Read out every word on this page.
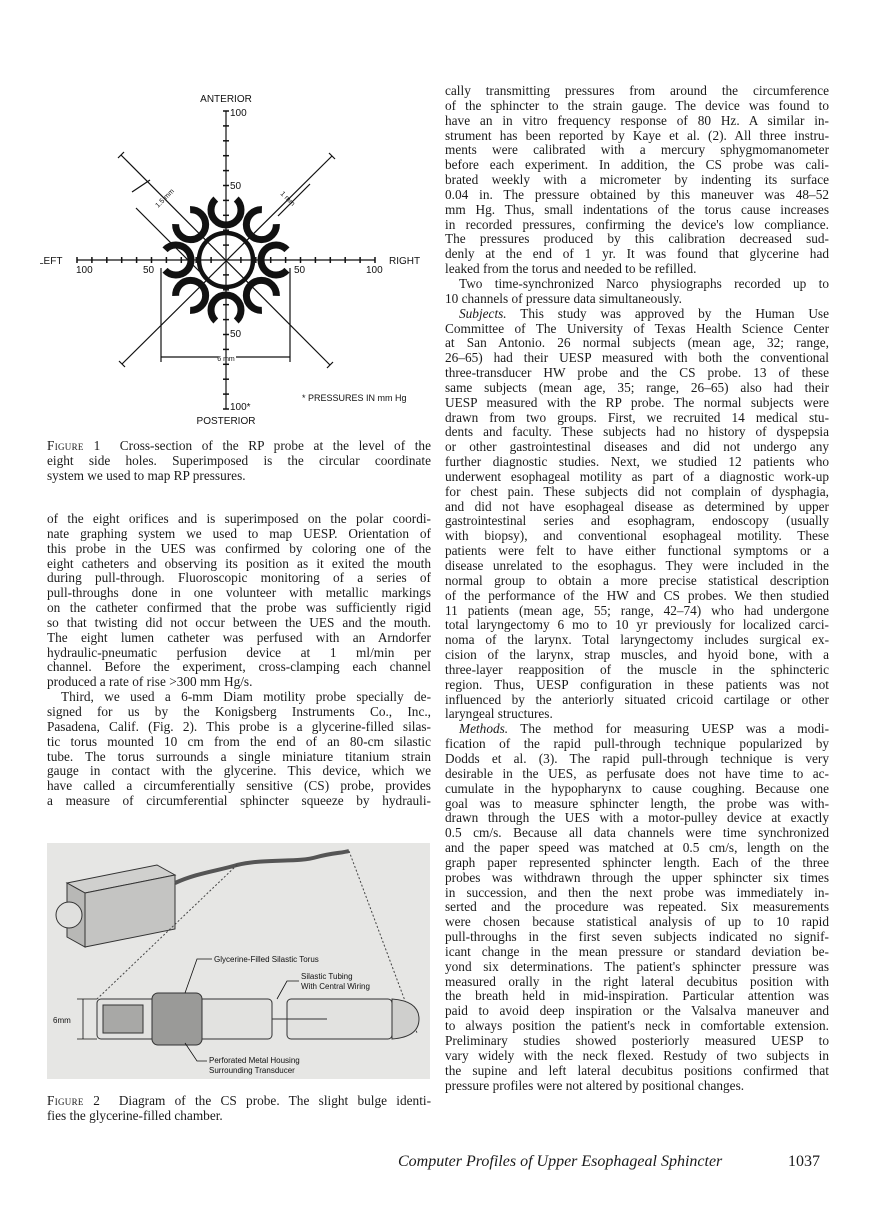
ANTERIOR
100
50
50
100*
POSTERIOR
LEFT
100	50	50	100
RIGHT
6 mm
1.5 mm	1 mm
* PRESSURES IN mm Hg
Figure 1 Cross-section of the RP probe at the level of the
eight side holes. Superimposed is the circular coordinate
system we used to map RP pressures.
of the eight orifices and is superimposed on the polar coordi-
nate graphing system we used to map UESP. Orientation of
this probe in the UES was confirmed by coloring one of the
eight catheters and observing its position as it exited the mouth
during pull-through. Fluoroscopic monitoring of a series of
pull-throughs done in one volunteer with metallic markings
on the catheter confirmed that the probe was sufficiently rigid
so that twisting did not occur between the UES and the mouth.
The eight lumen catheter was perfused with an Arndorfer
hydraulic-pneumatic perfusion device at 1 ml/min per
channel. Before the experiment, cross-clamping each channel
produced a rate of rise >300 mm Hg/s.
Third, we used a 6-mm Diam motility probe specially de-
signed for us by the Konigsberg Instruments Co., Inc.,
Pasadena, Calif. (Fig. 2). This probe is a glycerine-filled silas-
tic torus mounted 10 cm from the end of an 80-cm silastic
tube. The torus surrounds a single miniature titanium strain
gauge in contact with the glycerine. This device, which we
have called a circumferentially sensitive (CS) probe, provides
a measure of circumferential sphincter squeeze by hydrauli-
6mm
Glycerine-Filled Silastic Torus
Silastic Tubing
With Central Wiring
Perforated Metal Housing
Surrounding Transducer
Figure 2 Diagram of the CS probe. The slight bulge identi-
fies the glycerine-filled chamber.
cally transmitting pressures from around the circumference
of the sphincter to the strain gauge. The device was found to
have an in vitro frequency response of 80 Hz. A similar in-
strument has been reported by Kaye et al. (2). All three instru-
ments were calibrated with a mercury sphygmomanometer
before each experiment. In addition, the CS probe was cali-
brated weekly with a micrometer by indenting its surface
0.04 in. The pressure obtained by this maneuver was 48–52
mm Hg. Thus, small indentations of the torus cause increases
in recorded pressures, confirming the device's low compliance.
The pressures produced by this calibration decreased sud-
denly at the end of 1 yr. It was found that glycerine had
leaked from the torus and needed to be refilled.
Two time-synchronized Narco physiographs recorded up to
10 channels of pressure data simultaneously.
Subjects. This study was approved by the Human Use
Committee of The University of Texas Health Science Center
at San Antonio. 26 normal subjects (mean age, 32; range,
26–65) had their UESP measured with both the conventional
three-transducer HW probe and the CS probe. 13 of these
same subjects (mean age, 35; range, 26–65) also had their
UESP measured with the RP probe. The normal subjects were
drawn from two groups. First, we recruited 14 medical stu-
dents and faculty. These subjects had no history of dyspepsia
or other gastrointestinal diseases and did not undergo any
further diagnostic studies. Next, we studied 12 patients who
underwent esophageal motility as part of a diagnostic work-up
for chest pain. These subjects did not complain of dysphagia,
and did not have esophageal disease as determined by upper
gastrointestinal series and esophagram, endoscopy (usually
with biopsy), and conventional esophageal motility. These
patients were felt to have either functional symptoms or a
disease unrelated to the esophagus. They were included in the
normal group to obtain a more precise statistical description
of the performance of the HW and CS probes. We then studied
11 patients (mean age, 55; range, 42–74) who had undergone
total laryngectomy 6 mo to 10 yr previously for localized carci-
noma of the larynx. Total laryngectomy includes surgical ex-
cision of the larynx, strap muscles, and hyoid bone, with a
three-layer reapposition of the muscle in the sphincteric
region. Thus, UESP configuration in these patients was not
influenced by the anteriorly situated cricoid cartilage or other
laryngeal structures.
Methods. The method for measuring UESP was a modi-
fication of the rapid pull-through technique popularized by
Dodds et al. (3). The rapid pull-through technique is very
desirable in the UES, as perfusate does not have time to ac-
cumulate in the hypopharynx to cause coughing. Because one
goal was to measure sphincter length, the probe was with-
drawn through the UES with a motor-pulley device at exactly
0.5 cm/s. Because all data channels were time synchronized
and the paper speed was matched at 0.5 cm/s, length on the
graph paper represented sphincter length. Each of the three
probes was withdrawn through the upper sphincter six times
in succession, and then the next probe was immediately in-
serted and the procedure was repeated. Six measurements
were chosen because statistical analysis of up to 10 rapid
pull-throughs in the first seven subjects indicated no signif-
icant change in the mean pressure or standard deviation be-
yond six determinations. The patient's sphincter pressure was
measured orally in the right lateral decubitus position with
the breath held in mid-inspiration. Particular attention was
paid to avoid deep inspiration or the Valsalva maneuver and
to always position the patient's neck in comfortable extension.
Preliminary studies showed posteriorly measured UESP to
vary widely with the neck flexed. Restudy of two subjects in
the supine and left lateral decubitus positions confirmed that
pressure profiles were not altered by positional changes.
Computer Profiles of Upper Esophageal Sphincter	1037
